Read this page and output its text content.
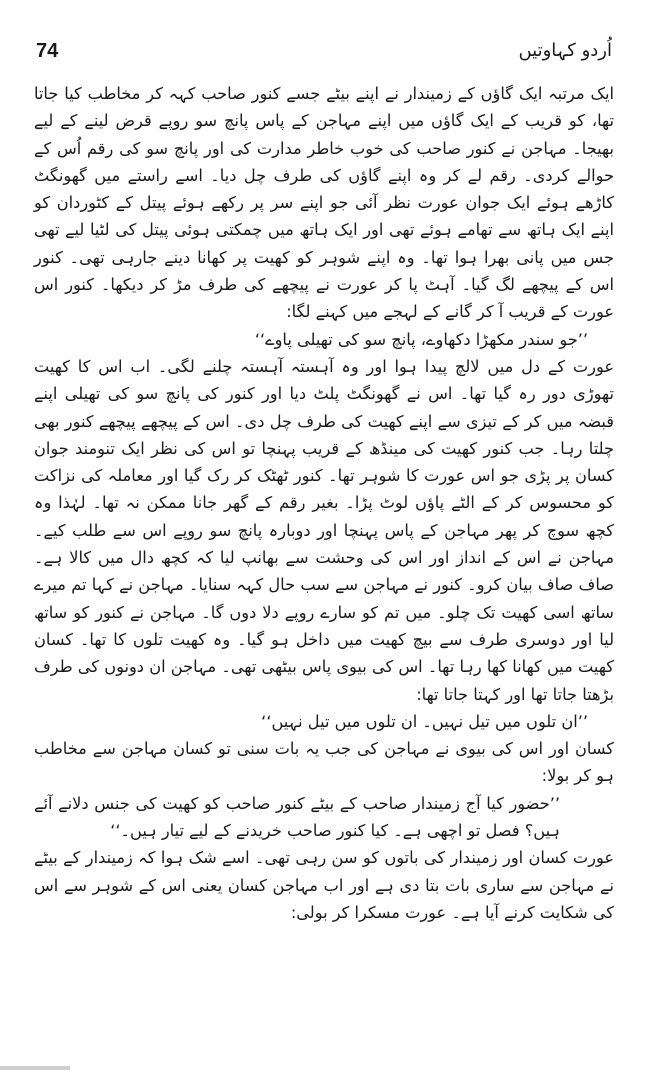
74	اُردو کہاوتیں

ایک مرتبہ ایک گاؤں کے زمیندار نے اپنے بیٹے جسے کنور صاحب کہہ کر مخاطب کیا جاتا تھا، کو قریب کے ایک گاؤں میں اپنے مہاجن کے پاس پانچ سو روپے قرض لینے کے لیے بھیجا۔ مہاجن نے کنور صاحب کی خوب خاطر مدارت کی اور پانچ سو کی رقم اُس کے حوالے کردی۔ رقم لے کر وہ اپنے گاؤں کی طرف چل دیا۔ اسے راستے میں گھونگٹ کاڑھے ہوئے ایک جوان عورت نظر آئی جو اپنے سر پر رکھے ہوئے پیتل کے کٹوردان کو اپنے ایک ہاتھ سے تھامے ہوئے تھی اور ایک ہاتھ میں چمکتی ہوئی پیتل کی لٹیا لیے تھی جس میں پانی بھرا ہوا تھا۔ وہ اپنے شوہر کو کھیت پر کھانا دینے جارہی تھی۔ کنور اس کے پیچھے لگ گیا۔ آہٹ پا کر عورت نے پیچھے کی طرف مڑ کر دیکھا۔ کنور اس عورت کے قریب آ کر گانے کے لہجے میں کہنے لگا:

’’جو سندر مکھڑا دکھاوے، پانچ سو کی تھیلی پاوے‘‘

عورت کے دل میں لالچ پیدا ہوا اور وہ آہستہ آہستہ چلنے لگی۔ اب اس کا کھیت تھوڑی دور رہ گیا تھا۔ اس نے گھونگٹ پلٹ دیا اور کنور کی پانچ سو کی تھیلی اپنے قبضہ میں کر کے تیزی سے اپنے کھیت کی طرف چل دی۔ اس کے پیچھے پیچھے کنور بھی چلتا رہا۔ جب کنور کھیت کی مینڈھ کے قریب پہنچا تو اس کی نظر ایک تنومند جوان کسان پر پڑی جو اس عورت کا شوہر تھا۔ کنور ٹھٹک کر رک گیا اور معاملہ کی نزاکت کو محسوس کر کے الٹے پاؤں لوٹ پڑا۔ بغیر رقم کے گھر جانا ممکن نہ تھا۔ لہٰذا وہ کچھ سوچ کر پھر مہاجن کے پاس پہنچا اور دوبارہ پانچ سو روپے اس سے طلب کیے۔ مہاجن نے اس کے انداز اور اس کی وحشت سے بھانپ لیا کہ کچھ دال میں کالا ہے۔ صاف صاف بیان کرو۔ کنور نے مہاجن سے سب حال کہہ سنایا۔ مہاجن نے کہا تم میرے ساتھ اسی کھیت تک چلو۔ میں تم کو سارے روپے دلا دوں گا۔ مہاجن نے کنور کو ساتھ لیا اور دوسری طرف سے بیچ کھیت میں داخل ہو گیا۔ وہ کھیت تلوں کا تھا۔ کسان کھیت میں کھانا کھا رہا تھا۔ اس کی بیوی پاس بیٹھی تھی۔ مہاجن ان دونوں کی طرف بڑھتا جاتا تھا اور کہتا جاتا تھا:

’’ان تلوں میں تیل نہیں۔ ان تلوں میں تیل نہیں‘‘

کسان اور اس کی بیوی نے مہاجن کی جب یہ بات سنی تو کسان مہاجن سے مخاطب ہو کر بولا:

’’حضور کیا آج زمیندار صاحب کے بیٹے کنور صاحب کو کھیت کی جنس دلانے آئے ہیں؟ فصل تو اچھی ہے۔ کیا کنور صاحب خریدنے کے لیے تیار ہیں۔‘‘

عورت کسان اور زمیندار کی باتوں کو سن رہی تھی۔ اسے شک ہوا کہ زمیندار کے بیٹے نے مہاجن سے ساری بات بتا دی ہے اور اب مہاجن کسان یعنی اس کے شوہر سے اس کی شکایت کرنے آیا ہے۔ عورت مسکرا کر بولی:
